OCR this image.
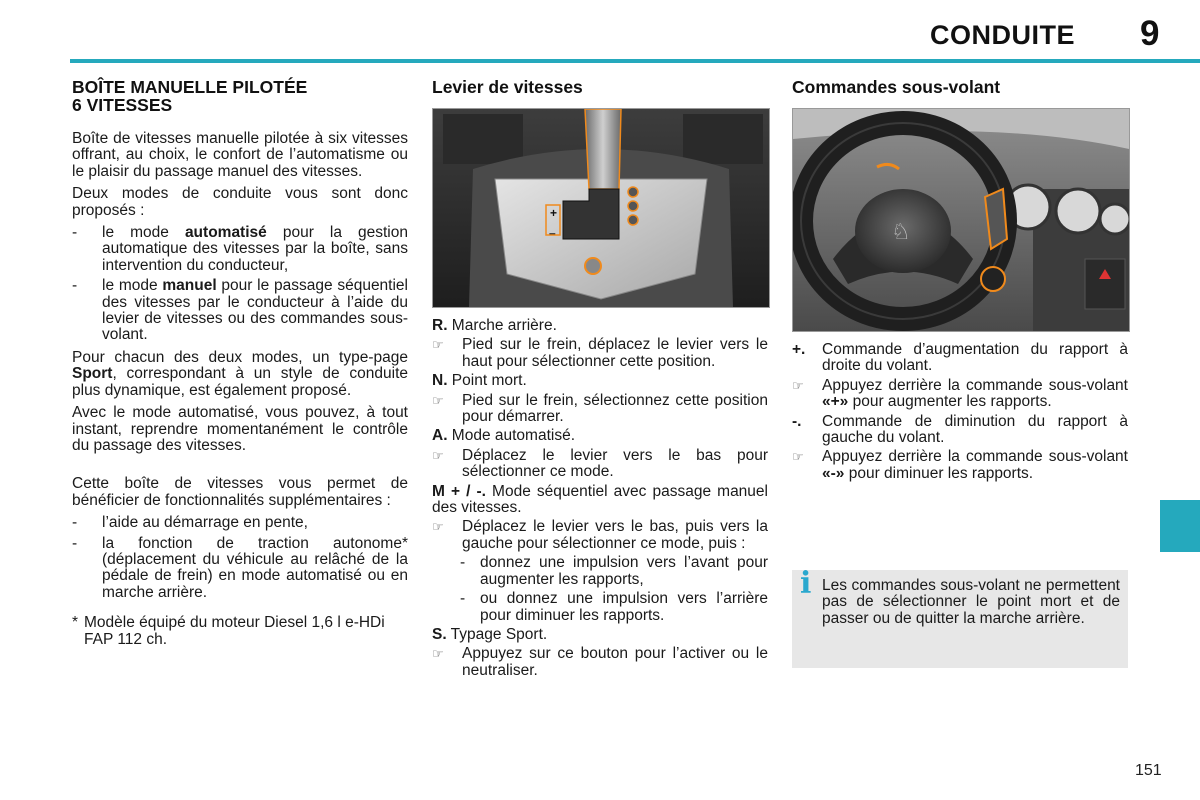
CONDUITE 9
BOÎTE MANUELLE PILOTÉE
6 VITESSES

Boîte de vitesses manuelle pilotée à six vitesses offrant, au choix, le confort de l’automatisme ou le plaisir du passage manuel des vitesses.

Deux modes de conduite vous sont donc proposés :

- le mode automatisé pour la gestion automatique des vitesses par la boîte, sans intervention du conducteur,
- le mode manuel pour le passage séquentiel des vitesses par le conducteur à l’aide du levier de vitesses ou des commandes sous-volant.

Pour chacun des deux modes, un type-page Sport, correspondant à un style de conduite plus dynamique, est également proposé.

Avec le mode automatisé, vous pouvez, à tout instant, reprendre momentanément le contrôle du passage des vitesses.

Cette boîte de vitesses vous permet de bénéficier de fonctionnalités supplémentaires :

- l’aide au démarrage en pente,
- la fonction de traction autonome* (déplacement du véhicule au relâché de la pédale de frein) en mode automatisé ou en marche arrière.
* Modèle équipé du moteur Diesel 1,6 l e-HDi FAP 112 ch.
Levier de vitesses
+
–

R. Marche arrière.

☞ Pied sur le frein, déplacez le levier vers le haut pour sélectionner cette position.

N. Point mort.

☞ Pied sur le frein, sélectionnez cette position pour démarrer.

A. Mode automatisé.

☞ Déplacez le levier vers le bas pour sélectionner ce mode.

M + / -. Mode séquentiel avec passage manuel des vitesses.

☞ Déplacez le levier vers le bas, puis vers la gauche pour sélectionner ce mode, puis :
- donnez une impulsion vers l’avant pour augmenter les rapports,
- ou donnez une impulsion vers l’arrière pour diminuer les rapports.

S. Typage Sport.

☞ Appuyez sur ce bouton pour l’activer ou le neutraliser.
Commandes sous-volant
♘

+. Commande d’augmentation du rapport à droite du volant.

☞ Appuyez derrière la commande sous-volant «+» pour augmenter les rapports.

-. Commande de diminution du rapport à gauche du volant.

☞ Appuyez derrière la commande sous-volant «-» pour diminuer les rapports.
i Les commandes sous-volant ne permettent pas de sélectionner le point mort et de passer ou de quitter la marche arrière.
151
